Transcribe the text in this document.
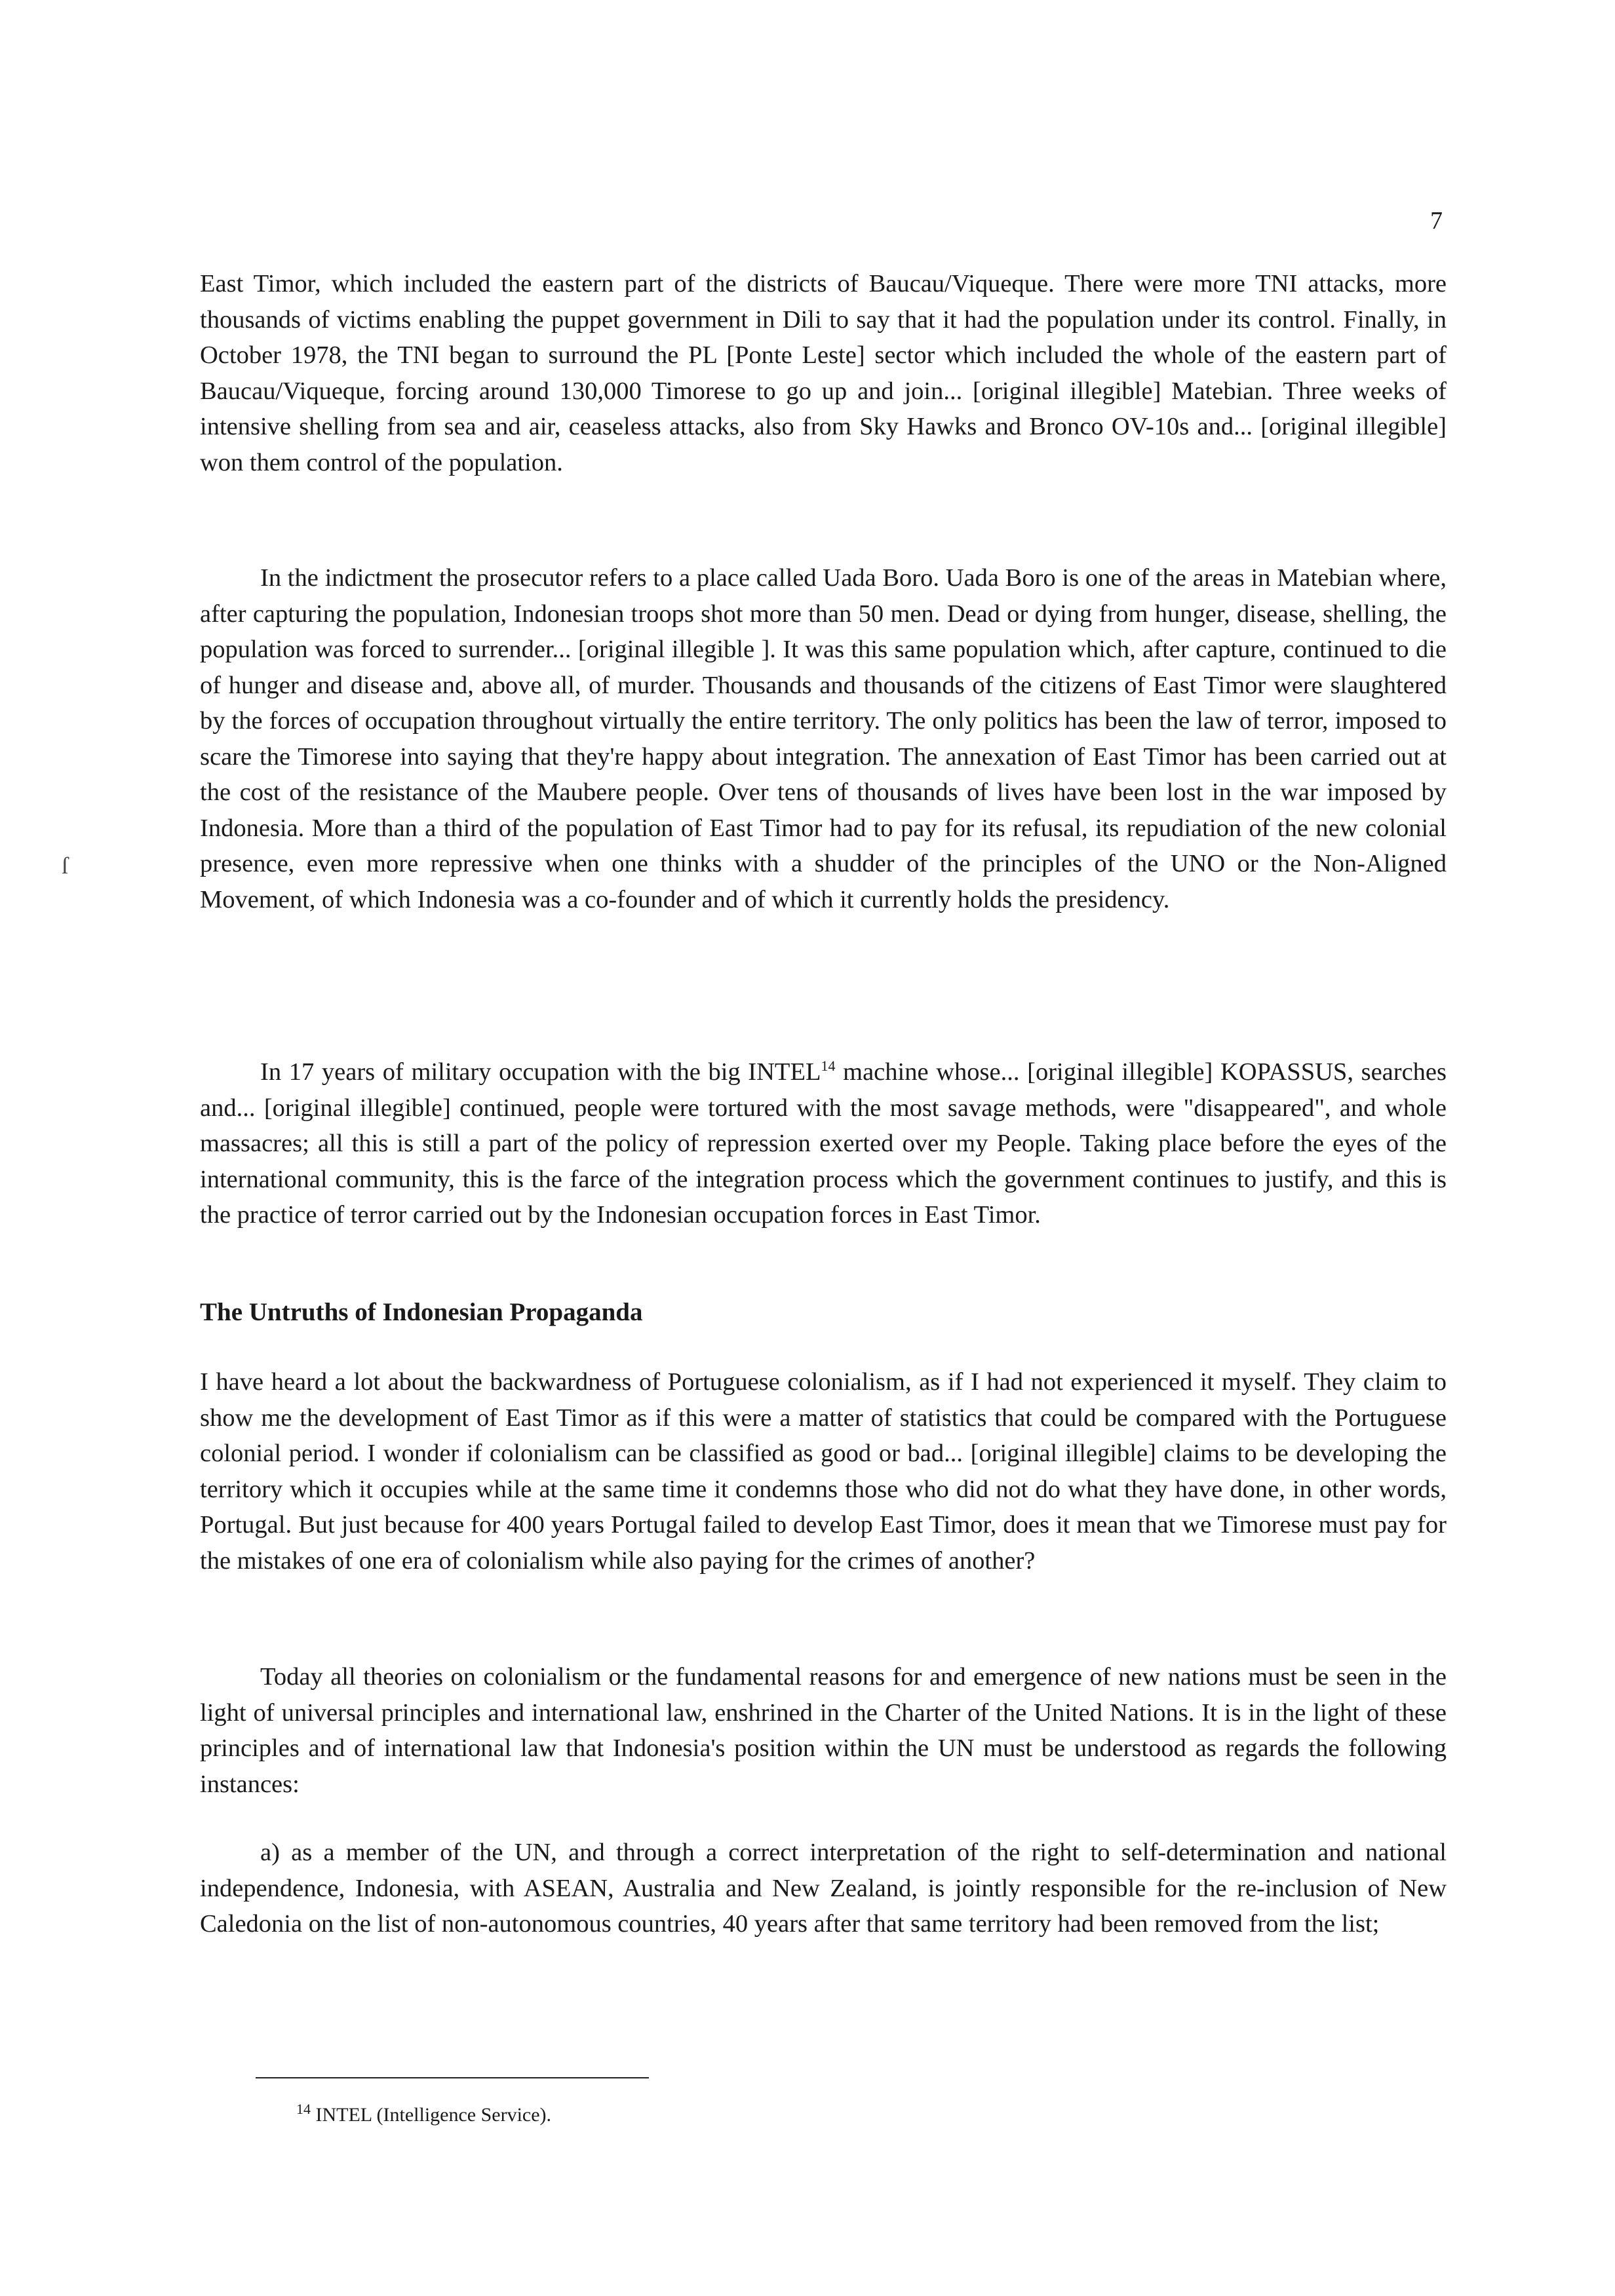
7
ſ

East Timor, which included the eastern part of the districts of Baucau/Viqueque. There were more TNI attacks, more thousands of victims enabling the puppet government in Dili to say that it had the population under its control. Finally, in October 1978, the TNI began to surround the PL [Ponte Leste] sector which included the whole of the eastern part of Baucau/Viqueque, forcing around 130,000 Timorese to go up and join... [original illegible] Matebian. Three weeks of intensive shelling from sea and air, ceaseless attacks, also from Sky Hawks and Bronco OV-10s and... [original illegible] won them control of the population.

In the indictment the prosecutor refers to a place called Uada Boro. Uada Boro is one of the areas in Matebian where, after capturing the population, Indonesian troops shot more than 50 men. Dead or dying from hunger, disease, shelling, the population was forced to surrender... [original illegible ]. It was this same population which, after capture, continued to die of hunger and disease and, above all, of murder. Thousands and thousands of the citizens of East Timor were slaughtered by the forces of occupation throughout virtually the entire territory. The only politics has been the law of terror, imposed to scare the Timorese into saying that they're happy about integration. The annexation of East Timor has been carried out at the cost of the resistance of the Maubere people. Over tens of thousands of lives have been lost in the war imposed by Indonesia. More than a third of the population of East Timor had to pay for its refusal, its repudiation of the new colonial presence, even more repressive when one thinks with a shudder of the principles of the UNO or the Non-Aligned Movement, of which Indonesia was a co-founder and of which it currently holds the presidency.

In 17 years of military occupation with the big INTEL$^{14}$ machine whose... [original illegible] KOPASSUS, searches and... [original illegible] continued, people were tortured with the most savage methods, were "disappeared", and whole massacres; all this is still a part of the policy of repression exerted over my People. Taking place before the eyes of the international community, this is the farce of the integration process which the government continues to justify, and this is the practice of terror carried out by the Indonesian occupation forces in East Timor.

The Untruths of Indonesian Propaganda

I have heard a lot about the backwardness of Portuguese colonialism, as if I had not experienced it myself. They claim to show me the development of East Timor as if this were a matter of statistics that could be compared with the Portuguese colonial period. I wonder if colonialism can be classified as good or bad... [original illegible] claims to be developing the territory which it occupies while at the same time it condemns those who did not do what they have done, in other words, Portugal. But just because for 400 years Portugal failed to develop East Timor, does it mean that we Timorese must pay for the mistakes of one era of colonialism while also paying for the crimes of another?

Today all theories on colonialism or the fundamental reasons for and emergence of new nations must be seen in the light of universal principles and international law, enshrined in the Charter of the United Nations. It is in the light of these principles and of international law that Indonesia's position within the UN must be understood as regards the following instances:

a) as a member of the UN, and through a correct interpretation of the right to self-determination and national independence, Indonesia, with ASEAN, Australia and New Zealand, is jointly responsible for the re-inclusion of New Caledonia on the list of non-autonomous countries, 40 years after that same territory had been removed from the list;

$^{14}$ INTEL (Intelligence Service).
